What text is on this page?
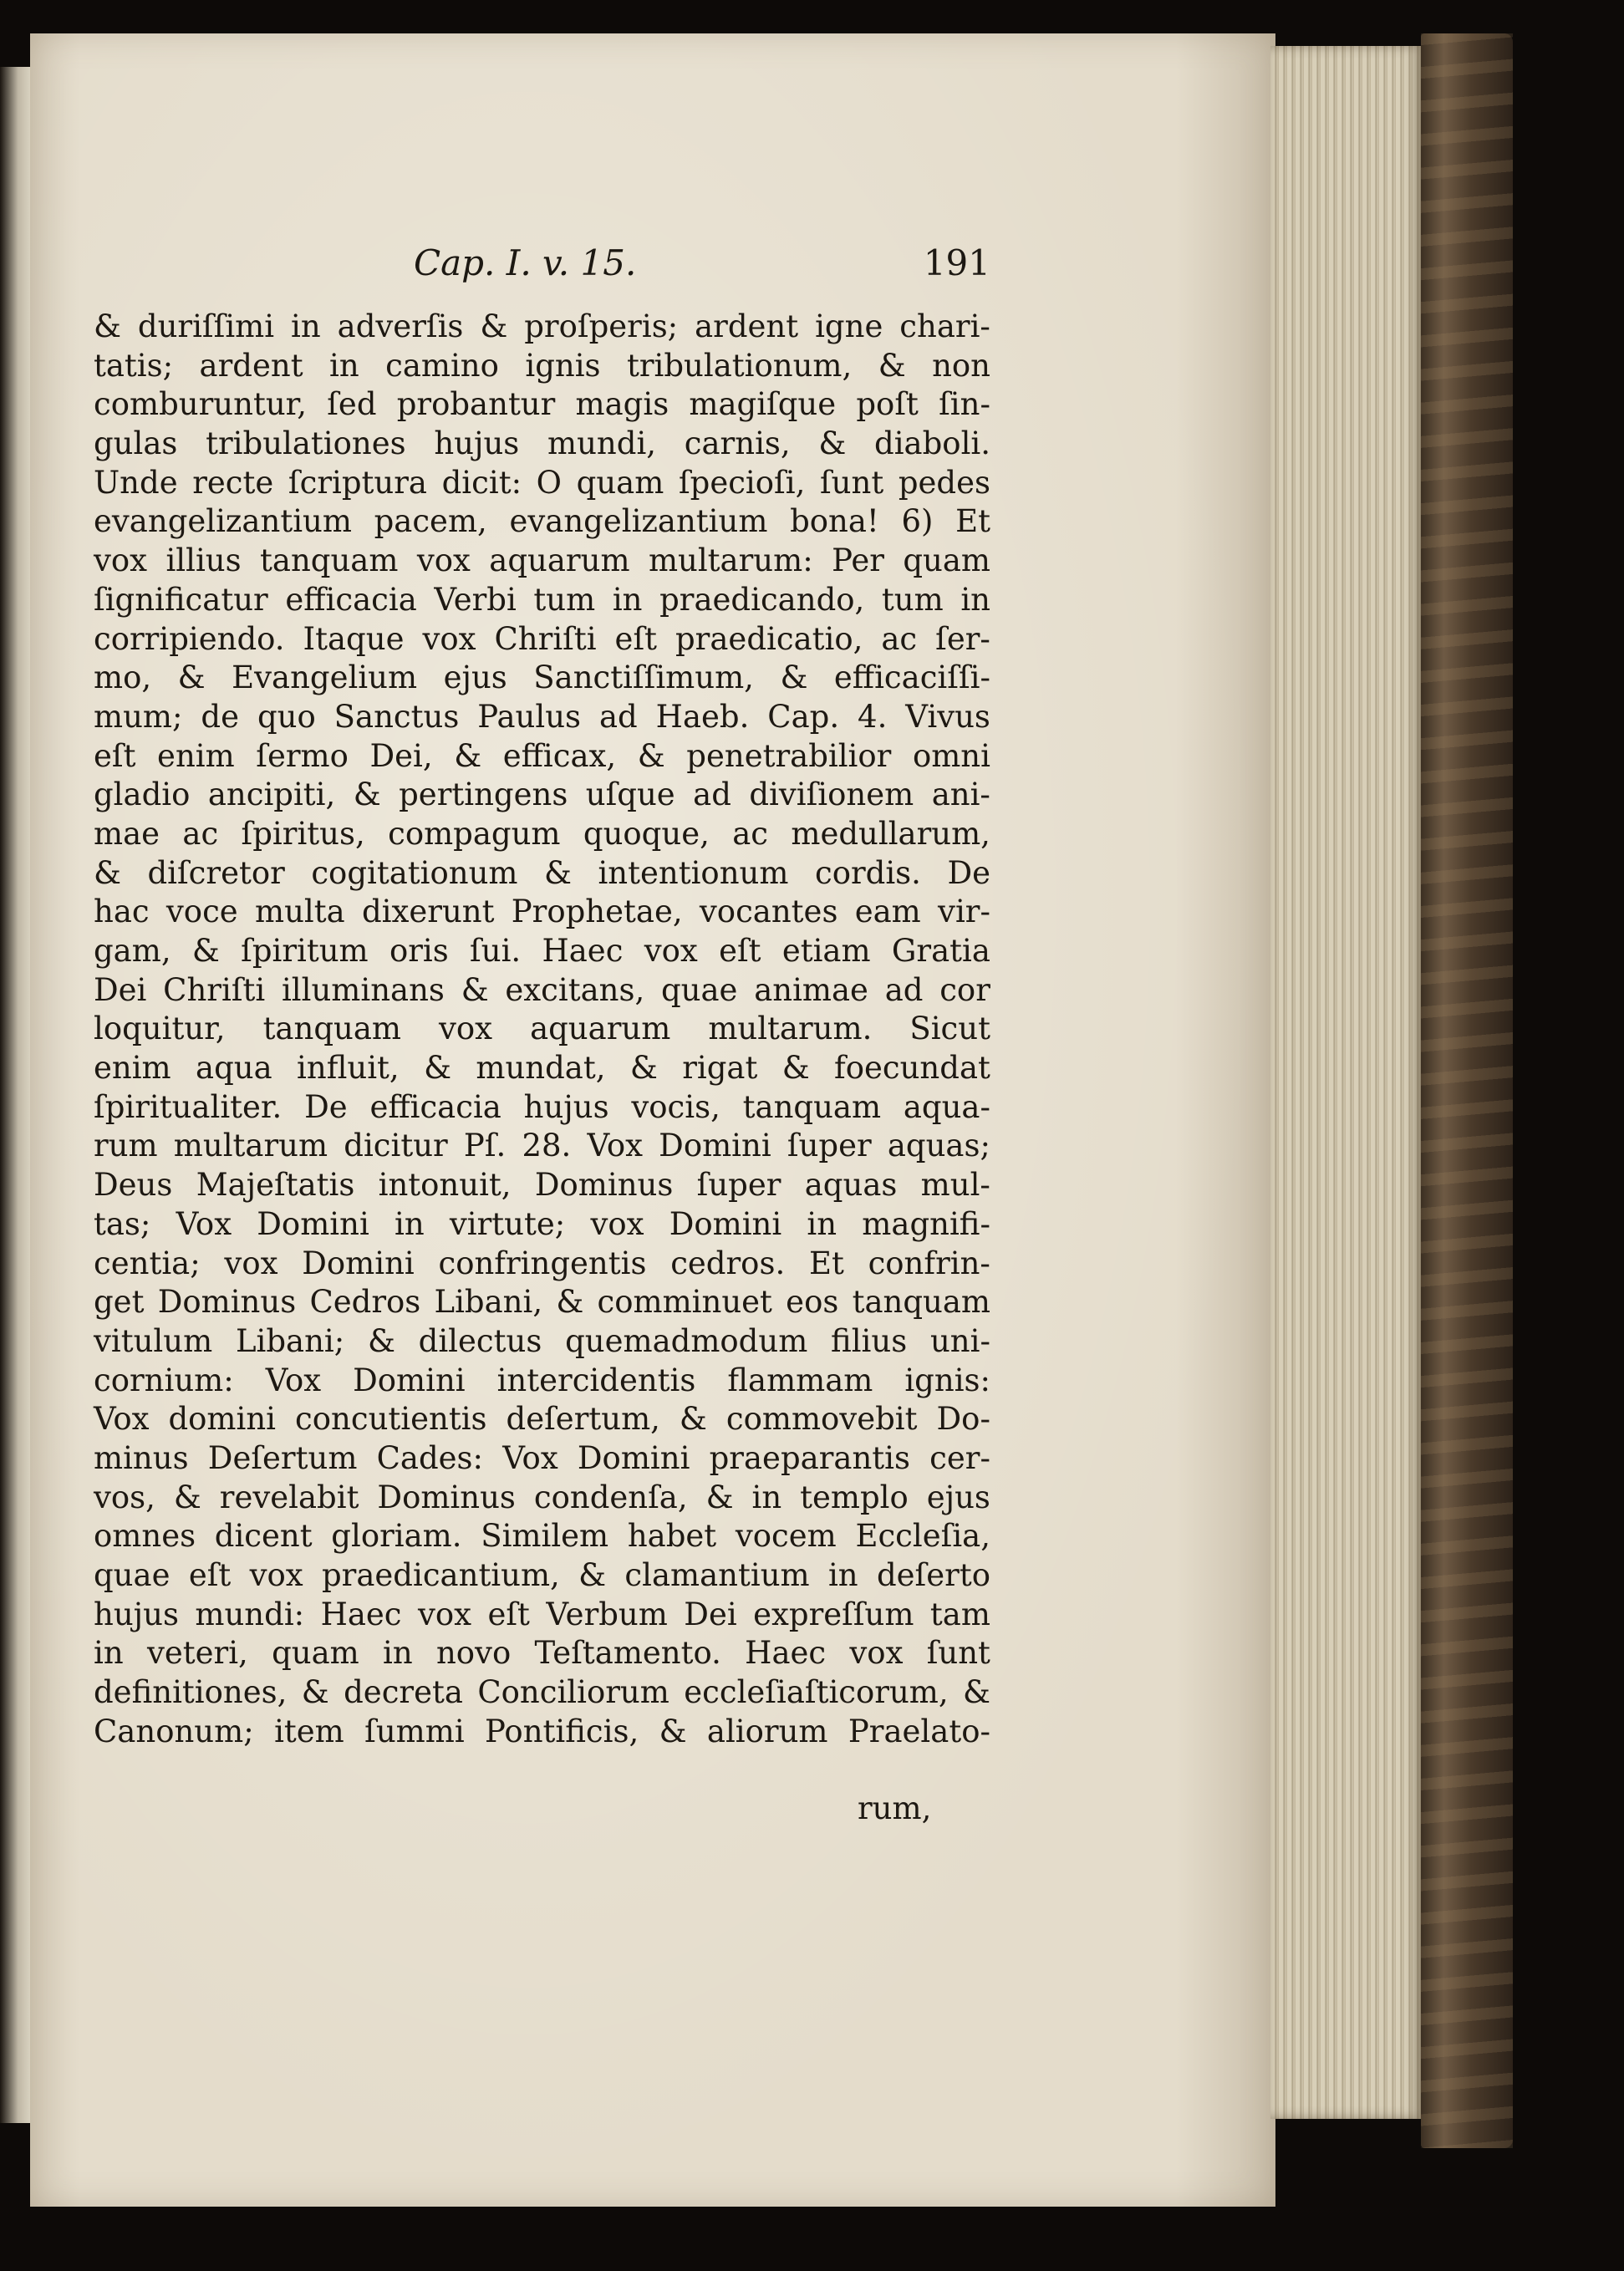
Cap. I. v. 15.	191
& duriſſimi in adverſis & proſperis; ardent igne chari-
tatis; ardent in camino ignis tribulationum, & non
comburuntur, ſed probantur magis magiſque poſt ſin-
gulas tribulationes hujus mundi, carnis, & diaboli.
Unde recte ſcriptura dicit: O quam ſpecioſi, ſunt pedes
evangelizantium pacem, evangelizantium bona! 6) Et
vox illius tanquam vox aquarum multarum: Per quam
ſignificatur efficacia Verbi tum in praedicando, tum in
corripiendo. Itaque vox Chriſti eſt praedicatio, ac ſer-
mo, & Evangelium ejus Sanctiſſimum, & efficaciſſi-
mum; de quo Sanctus Paulus ad Haeb. Cap. 4. Vivus
eſt enim ſermo Dei, & efficax, & penetrabilior omni
gladio ancipiti, & pertingens uſque ad diviſionem ani-
mae ac ſpiritus, compagum quoque, ac medullarum,
& diſcretor cogitationum & intentionum cordis. De
hac voce multa dixerunt Prophetae, vocantes eam vir-
gam, & ſpiritum oris ſui. Haec vox eſt etiam Gratia
Dei Chriſti illuminans & excitans, quae animae ad cor
loquitur, tanquam vox aquarum multarum. Sicut
enim aqua influit, & mundat, & rigat & foecundat
ſpiritualiter. De efficacia hujus vocis, tanquam aqua-
rum multarum dicitur Pſ. 28. Vox Domini ſuper aquas;
Deus Majeſtatis intonuit, Dominus ſuper aquas mul-
tas; Vox Domini in virtute; vox Domini in magnifi-
centia; vox Domini confringentis cedros. Et confrin-
get Dominus Cedros Libani, & comminuet eos tanquam
vitulum Libani; & dilectus quemadmodum filius uni-
cornium: Vox Domini intercidentis flammam ignis:
Vox domini concutientis deſertum, & commovebit Do-
minus Deſertum Cades: Vox Domini praeparantis cer-
vos, & revelabit Dominus condenſa, & in templo ejus
omnes dicent gloriam. Similem habet vocem Eccleſia,
quae eſt vox praedicantium, & clamantium in deſerto
hujus mundi: Haec vox eſt Verbum Dei expreſſum tam
in veteri, quam in novo Teſtamento. Haec vox ſunt
definitiones, & decreta Conciliorum eccleſiaſticorum, &
Canonum; item ſummi Pontificis, & aliorum Praelato-
rum,
